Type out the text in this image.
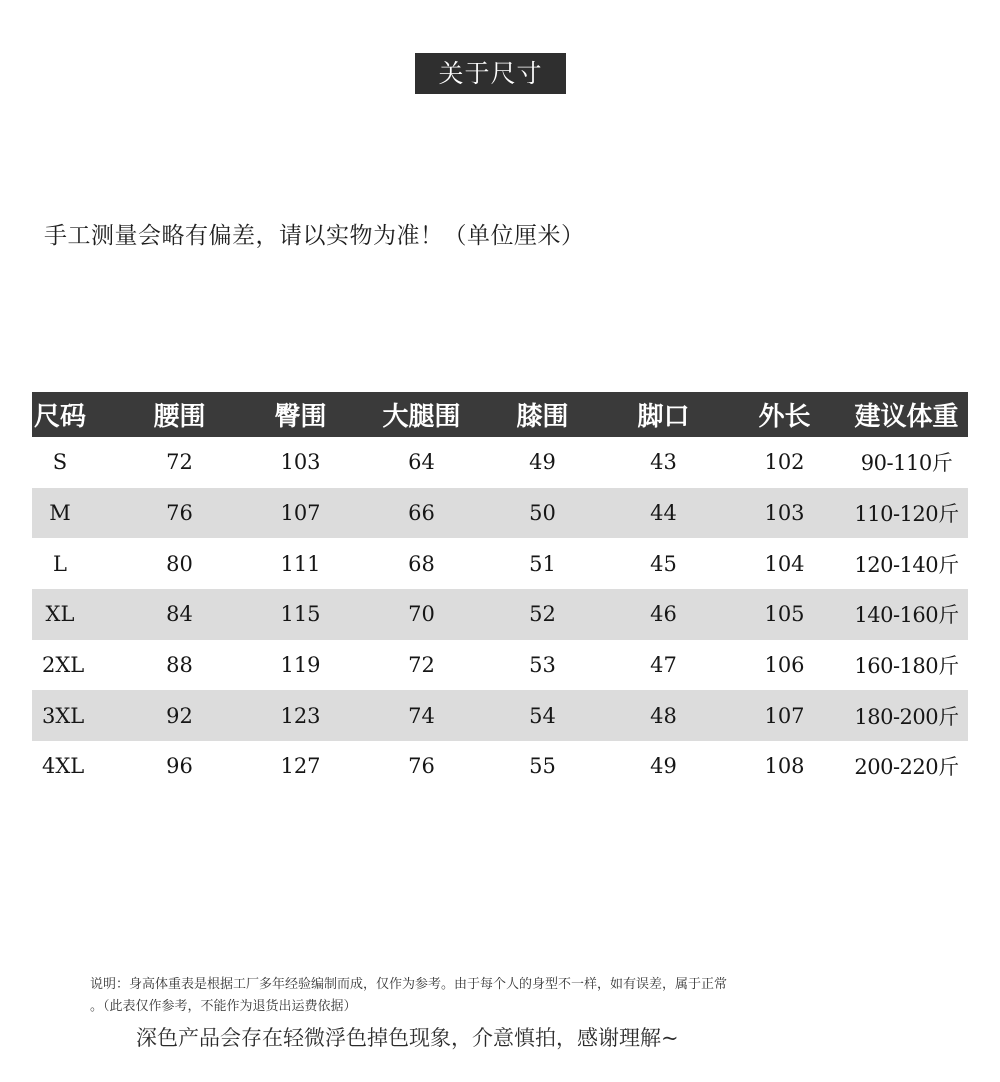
关于尺寸
手工测量会略有偏差，请以实物为准！（单位厘米）
尺码	腰围	臀围	大腿围	膝围	脚口	外长	建议体重
S	72	103	64	49	43	102	90-110斤
M	76	107	66	50	44	103	110-120斤
L	80	111	68	51	45	104	120-140斤
XL	84	115	70	52	46	105	140-160斤
2XL	88	119	72	53	47	106	160-180斤
3XL	92	123	74	54	48	107	180-200斤
4XL	96	127	76	55	49	108	200-220斤
说明：身高体重表是根据工厂多年经验编制而成，仅作为参考。由于每个人的身型不一样，如有误差，属于正常
。（此表仅作参考，不能作为退货出运费依据）
深色产品会存在轻微浮色掉色现象，介意慎拍，感谢理解~
